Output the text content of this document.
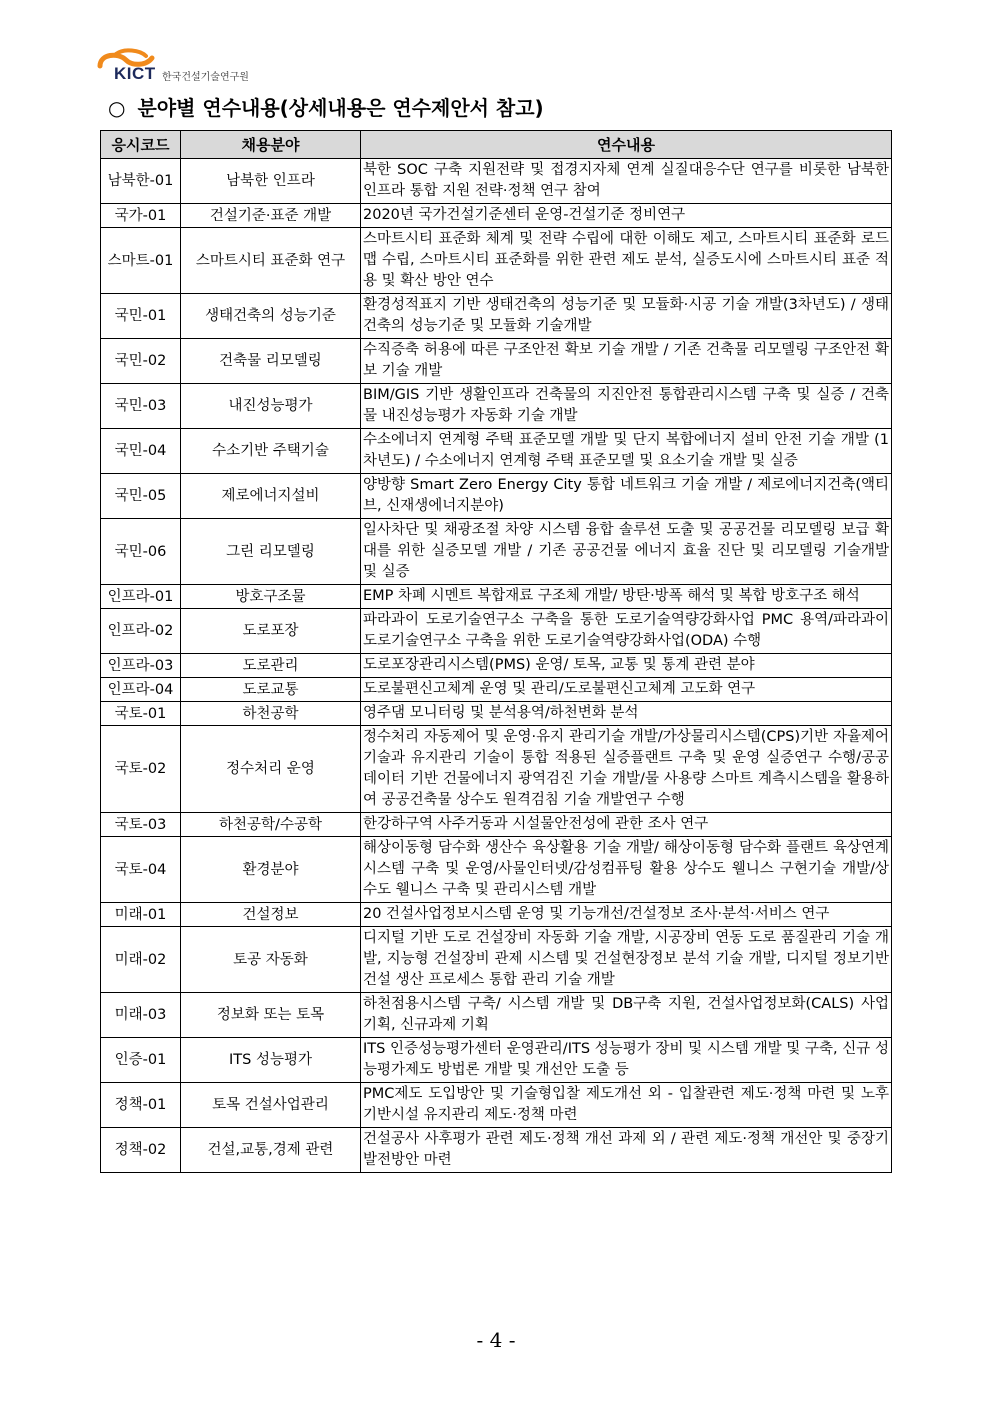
KICT 한국건설기술연구원
○ 분야별 연수내용(상세내용은 연수제안서 참고)
응시코드	채용분야	연수내용
남북한-01	남북한 인프라	북한 SOC 구축 지원전략 및 접경지자체 연계 실질대응수단 연구를 비롯한 남북한 인프라 통합 지원 전략·정책 연구 참여
국가-01	건설기준·표준 개발	2020년 국가건설기준센터 운영-건설기준 정비연구
스마트-01	스마트시티 표준화 연구	스마트시티 표준화 체계 및 전략 수립에 대한 이해도 제고, 스마트시티 표준화 로드맵 수립, 스마트시티 표준화를 위한 관련 제도 분석, 실증도시에 스마트시티 표준 적용 및 확산 방안 연수
국민-01	생태건축의 성능기준	환경성적표지 기반 생태건축의 성능기준 및 모듈화·시공 기술 개발(3차년도) / 생태건축의 성능기준 및 모듈화 기술개발
국민-02	건축물 리모델링	수직증축 허용에 따른 구조안전 확보 기술 개발 / 기존 건축물 리모델링 구조안전 확보 기술 개발
국민-03	내진성능평가	BIM/GIS 기반 생활인프라 건축물의 지진안전 통합관리시스템 구축 및 실증 / 건축물 내진성능평가 자동화 기술 개발
국민-04	수소기반 주택기술	수소에너지 연계형 주택 표준모델 개발 및 단지 복합에너지 설비 안전 기술 개발 (1차년도) / 수소에너지 연계형 주택 표준모델 및 요소기술 개발 및 실증
국민-05	제로에너지설비	양방향 Smart Zero Energy City 통합 네트워크 기술 개발 / 제로에너지건축(액티브, 신재생에너지분야)
국민-06	그린 리모델링	일사차단 및 채광조절 차양 시스템 융합 솔루션 도출 및 공공건물 리모델링 보급 확대를 위한 실증모델 개발 / 기존 공공건물 에너지 효율 진단 및 리모델링 기술개발 및 실증
인프라-01	방호구조물	EMP 차폐 시멘트 복합재료 구조체 개발/ 방탄·방폭 해석 및 복합 방호구조 해석
인프라-02	도로포장	파라과이 도로기술연구소 구축을 통한 도로기술역량강화사업 PMC 용역/파라과이 도로기술연구소 구축을 위한 도로기술역량강화사업(ODA) 수행
인프라-03	도로관리	도로포장관리시스템(PMS) 운영/ 토목, 교통 및 통계 관련 분야
인프라-04	도로교통	도로불편신고체계 운영 및 관리/도로불편신고체계 고도화 연구
국토-01	하천공학	영주댐 모니터링 및 분석용역/하천변화 분석
국토-02	정수처리 운영	정수처리 자동제어 및 운영·유지 관리기술 개발/가상물리시스템(CPS)기반 자율제어 기술과 유지관리 기술이 통합 적용된 실증플랜트 구축 및 운영 실증연구 수행/공공데이터 기반 건물에너지 광역검진 기술 개발/물 사용량 스마트 계측시스템을 활용하여 공공건축물 상수도 원격검침 기술 개발연구 수행
국토-03	하천공학/수공학	한강하구역 사주거동과 시설물안전성에 관한 조사 연구
국토-04	환경분야	해상이동형 담수화 생산수 육상활용 기술 개발/ 해상이동형 담수화 플랜트 육상연계시스템 구축 및 운영/사물인터넷/감성컴퓨팅 활용 상수도 웰니스 구현기술 개발/상수도 웰니스 구축 및 관리시스템 개발
미래-01	건설정보	20 건설사업정보시스템 운영 및 기능개선/건설정보 조사·분석·서비스 연구
미래-02	토공 자동화	디지털 기반 도로 건설장비 자동화 기술 개발, 시공장비 연동 도로 품질관리 기술 개발, 지능형 건설장비 관제 시스템 및 건설현장정보 분석 기술 개발, 디지털 정보기반 건설 생산 프로세스 통합 관리 기술 개발
미래-03	정보화 또는 토목	하천점용시스템 구축/ 시스템 개발 및 DB구축 지원, 건설사업정보화(CALS) 사업 기획, 신규과제 기획
인증-01	ITS 성능평가	ITS 인증성능평가센터 운영관리/ITS 성능평가 장비 및 시스템 개발 및 구축, 신규 성능평가제도 방법론 개발 및 개선안 도출 등
정책-01	토목 건설사업관리	PMC제도 도입방안 및 기술형입찰 제도개선 외 - 입찰관련 제도·정책 마련 및 노후기반시설 유지관리 제도·정책 마련
정책-02	건설,교통,경제 관련	건설공사 사후평가 관련 제도·정책 개선 과제 외 / 관련 제도·정책 개선안 및 중장기 발전방안 마련
- 4 -
